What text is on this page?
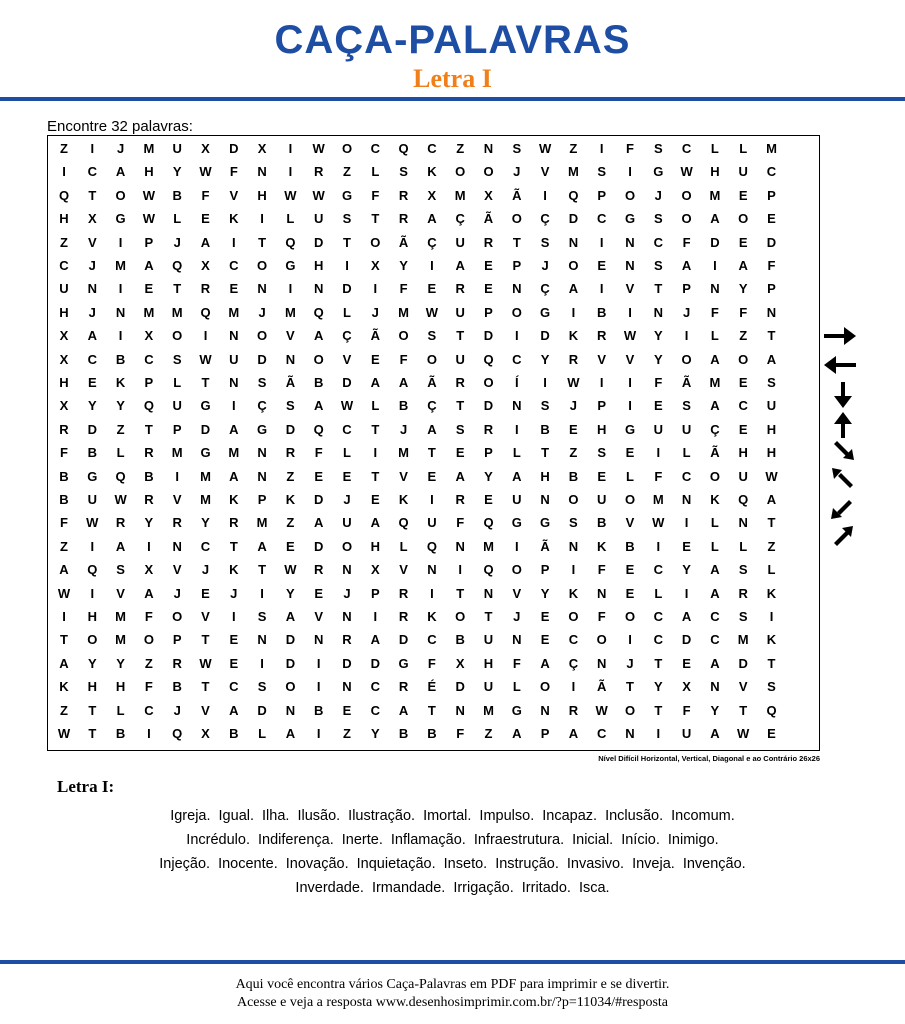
CAÇA-PALAVRAS
Letra I
Encontre 32 palavras:
Z	I	J	M	U	X	D	X	I	W	O	C	Q	C	Z	N	S	W	Z	I	F	S	C	L	L	M
I	C	A	H	Y	W	F	N	I	R	Z	L	S	K	O	O	J	V	M	S	I	G	W	H	U	C
Q	T	O	W	B	F	V	H	W	W	G	F	R	X	M	X	Ã	I	Q	P	O	J	O	M	E	P
H	X	G	W	L	E	K	I	L	U	S	T	R	A	Ç	Ã	O	Ç	D	C	G	S	O	A	O	E
Z	V	I	P	J	A	I	T	Q	D	T	O	Ã	Ç	U	R	T	S	N	I	N	C	F	D	E	D
C	J	M	A	Q	X	C	O	G	H	I	X	Y	I	A	E	P	J	O	E	N	S	A	I	A	F
U	N	I	E	T	R	E	N	I	N	D	I	F	E	R	E	N	Ç	A	I	V	T	P	N	Y	P
H	J	N	M	M	Q	M	J	M	Q	L	J	M	W	U	P	O	G	I	B	I	N	J	F	F	N
X	A	I	X	O	I	N	O	V	A	Ç	Ã	O	S	T	D	I	D	K	R	W	Y	I	L	Z	T
X	C	B	C	S	W	U	D	N	O	V	E	F	O	U	Q	C	Y	R	V	V	Y	O	A	O	A
H	E	K	P	L	T	N	S	Ã	B	D	A	A	Ã	R	O	Í	I	W	I	I	F	Ã	M	E	S
X	Y	Y	Q	U	G	I	Ç	S	A	W	L	B	Ç	T	D	N	S	J	P	I	E	S	A	C	U
R	D	Z	T	P	D	A	G	D	Q	C	T	J	A	S	R	I	B	E	H	G	U	U	Ç	E	H
F	B	L	R	M	G	M	N	R	F	L	I	M	T	E	P	L	T	Z	S	E	I	L	Ã	H	H
B	G	Q	B	I	M	A	N	Z	E	E	T	V	E	A	Y	A	H	B	E	L	F	C	O	U	W
B	U	W	R	V	M	K	P	K	D	J	E	K	I	R	E	U	N	O	U	O	M	N	K	Q	A
F	W	R	Y	R	Y	R	M	Z	A	U	A	Q	U	F	Q	G	G	S	B	V	W	I	L	N	T
Z	I	A	I	N	C	T	A	E	D	O	H	L	Q	N	M	I	Ã	N	K	B	I	E	L	L	Z
A	Q	S	X	V	J	K	T	W	R	N	X	V	N	I	Q	O	P	I	F	E	C	Y	A	S	L
W	I	V	A	J	E	J	I	Y	E	J	P	R	I	T	N	V	Y	K	N	E	L	I	A	R	K
I	H	M	F	O	V	I	S	A	V	N	I	R	K	O	T	J	E	O	F	O	C	A	C	S	I
T	O	M	O	P	T	E	N	D	N	R	A	D	C	B	U	N	E	C	O	I	C	D	C	M	K
A	Y	Y	Z	R	W	E	I	D	I	D	D	G	F	X	H	F	A	Ç	N	J	T	E	A	D	T
K	H	H	F	B	T	C	S	O	I	N	C	R	É	D	U	L	O	I	Ã	T	Y	X	N	V	S
Z	T	L	C	J	V	A	D	N	B	E	C	A	T	N	M	G	N	R	W	O	T	F	Y	T	Q
W	T	B	I	Q	X	B	L	A	I	Z	Y	B	B	F	Z	A	P	A	C	N	I	U	A	W	E
Nível Difícil Horizontal, Vertical, Diagonal e ao Contrário 26x26
Letra I:
Igreja. Igual. Ilha. Ilusão. Ilustração. Imortal. Impulso. Incapaz. Inclusão. Incomum.
Incrédulo. Indiferença. Inerte. Inflamação. Infraestrutura. Inicial. Início. Inimigo.
Injeção. Inocente. Inovação. Inquietação. Inseto. Instrução. Invasivo. Inveja. Invenção.
Inverdade. Irmandade. Irrigação. Irritado. Isca.
Aqui você encontra vários Caça-Palavras em PDF para imprimir e se divertir.
Acesse e veja a resposta www.desenhosimprimir.com.br/?p=11034/#resposta
